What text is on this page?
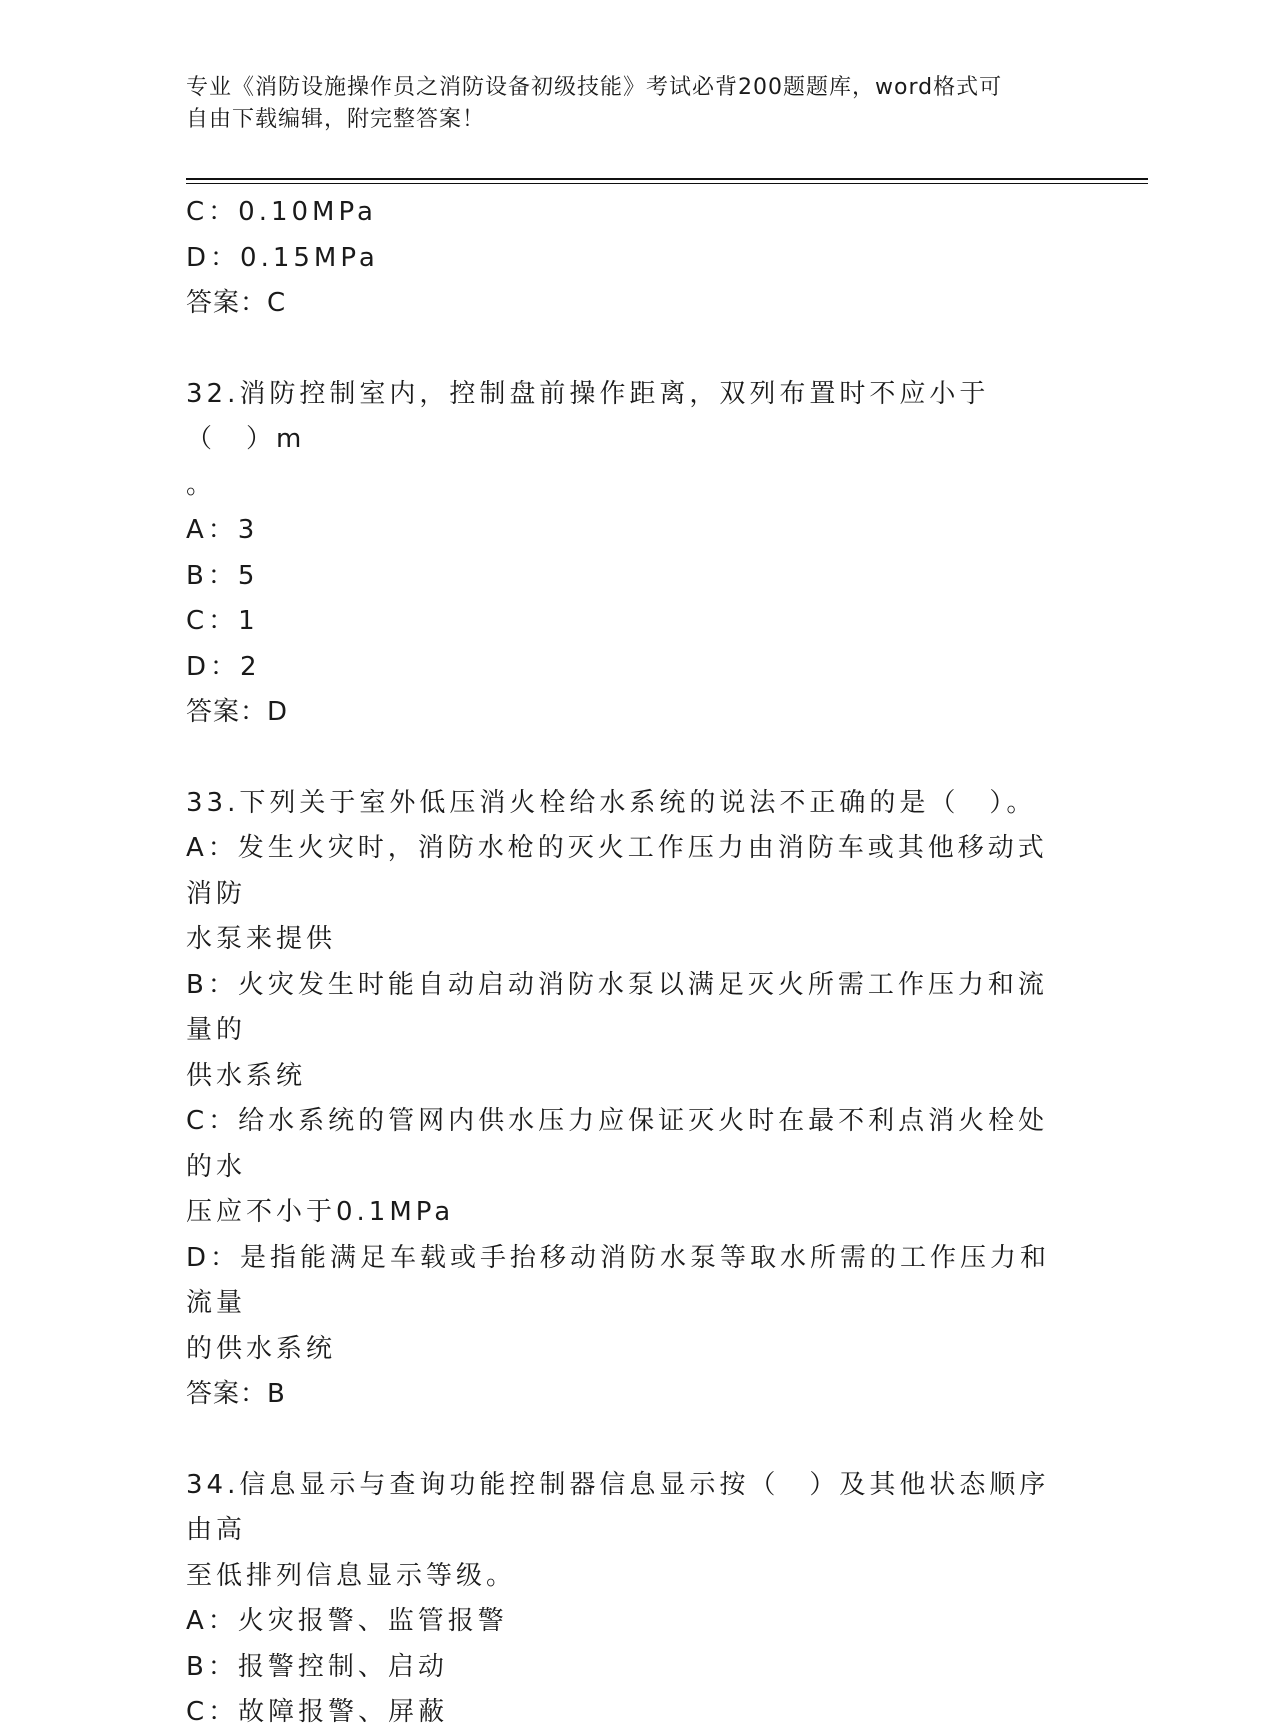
专业《消防设施操作员之消防设备初级技能》考试必背200题题库，word格式可
自由下载编辑，附完整答案！

C：0.10MPa

D：0.15MPa

答案：C

32.消防控制室内，控制盘前操作距离，双列布置时不应小于（　）m

。

A：3

B：5

C：1

D：2

答案：D

33.下列关于室外低压消火栓给水系统的说法不正确的是（　）。

A：发生火灾时，消防水枪的灭火工作压力由消防车或其他移动式消防

水泵来提供

B：火灾发生时能自动启动消防水泵以满足灭火所需工作压力和流量的

供水系统

C：给水系统的管网内供水压力应保证灭火时在最不利点消火栓处的水

压应不小于0.1MPa

D：是指能满足车载或手抬移动消防水泵等取水所需的工作压力和流量

的供水系统

答案：B

34.信息显示与查询功能控制器信息显示按（　）及其他状态顺序由高

至低排列信息显示等级。

A：火灾报警、监管报警

B：报警控制、启动

C：故障报警、屏蔽
